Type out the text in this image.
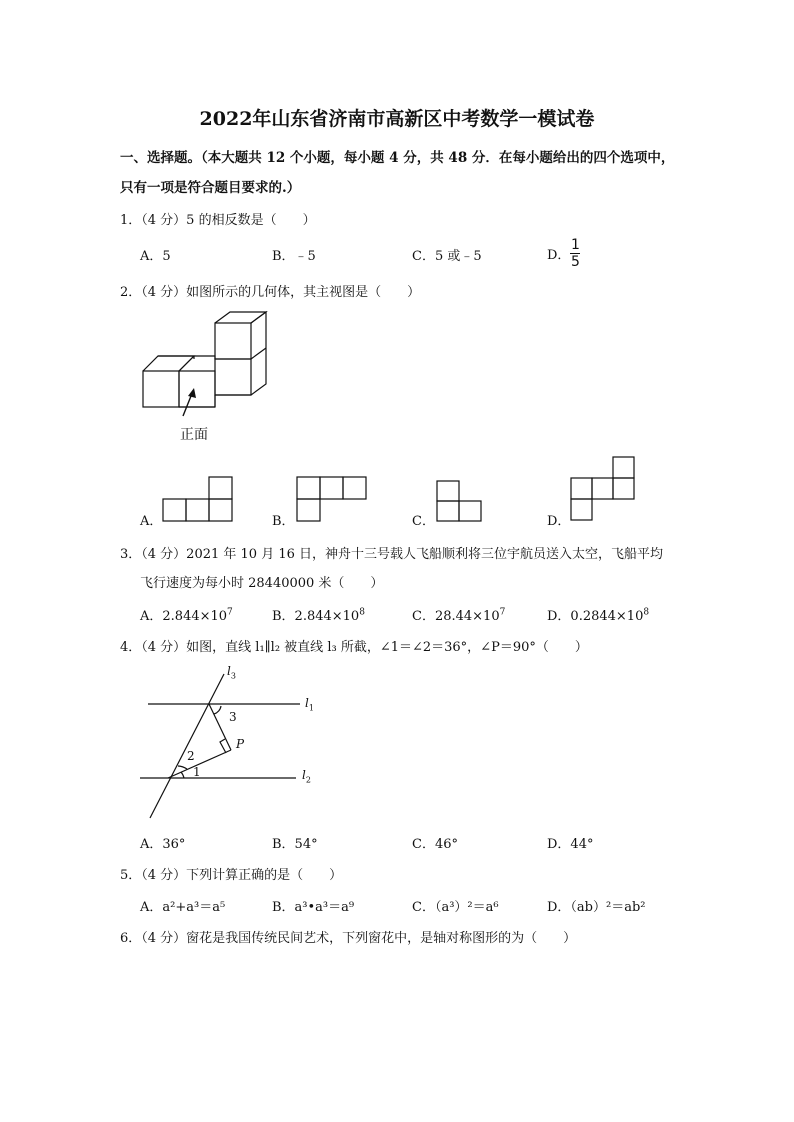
2022年山东省济南市高新区中考数学一模试卷
一、选择题。（本大题共 12 个小题，每小题 4 分，共 48 分．在每小题给出的四个选项中，
只有一项是符合题目要求的.）
1．（4 分）5 的相反数是（　　）
A．5	B．﹣5	C．5 或﹣5	D． $\frac{1}{5}$
2．（4 分）如图所示的几何体，其主视图是（　　）
正面
A．	B．	C．	D．
3．（4 分）2021 年 10 月 16 日，神舟十三号载人飞船顺利将三位宇航员送入太空，飞船平均
飞行速度为每小时 28440000 米（　　）
A．$2.844\times 10^7$	B．$2.844\times 10^8$	C．$28.44\times 10^7$	D．$0.2844\times 10^8$
4．（4 分）如图，直线 l₁∥l₂ 被直线 l₃ 所截，∠1＝∠2＝36°，∠P＝90°（　　）
$l_3$
$l_1$
$l_2$
3
P
2
1
A．36°	B．54°	C．46°	D．44°
5．（4 分）下列计算正确的是（　　）
A．a²+a³＝a⁵	B．a³•a³＝a⁹	C．（a³）²＝a⁶	D．（ab）²＝ab²
6．（4 分）窗花是我国传统民间艺术，下列窗花中，是轴对称图形的为（　　）
